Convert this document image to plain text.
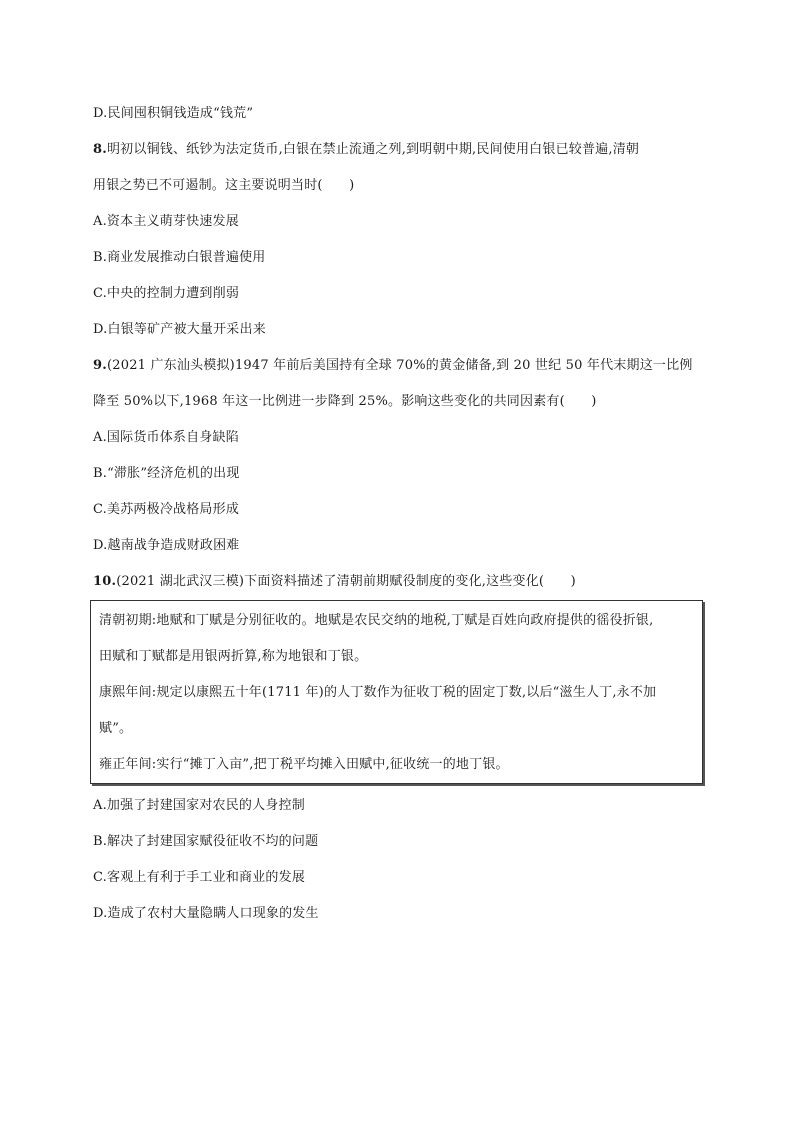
D.民间囤积铜钱造成“钱荒”

8.明初以铜钱、纸钞为法定货币,白银在禁止流通之列,到明朝中期,民间使用白银已较普遍,清朝

用银之势已不可遏制。这主要说明当时(　　)

A.资本主义萌芽快速发展

B.商业发展推动白银普遍使用

C.中央的控制力遭到削弱

D.白银等矿产被大量开采出来

9.(2021 广东汕头模拟)1947 年前后美国持有全球 70%的黄金储备,到 20 世纪 50 年代末期这一比例

降至 50%以下,1968 年这一比例进一步降到 25%。影响这些变化的共同因素有(　　)

A.国际货币体系自身缺陷

B.“滞胀”经济危机的出现

C.美苏两极冷战格局形成

D.越南战争造成财政困难

10.(2021 湖北武汉三模)下面资料描述了清朝前期赋役制度的变化,这些变化(　　)

清朝初期:地赋和丁赋是分别征收的。地赋是农民交纳的地税,丁赋是百姓向政府提供的徭役折银,

田赋和丁赋都是用银两折算,称为地银和丁银。

康熙年间:规定以康熙五十年(1711 年)的人丁数作为征收丁税的固定丁数,以后“滋生人丁,永不加

赋”。

雍正年间:实行“摊丁入亩”,把丁税平均摊入田赋中,征收统一的地丁银。

A.加强了封建国家对农民的人身控制

B.解决了封建国家赋役征收不均的问题

C.客观上有利于手工业和商业的发展

D.造成了农村大量隐瞒人口现象的发生
